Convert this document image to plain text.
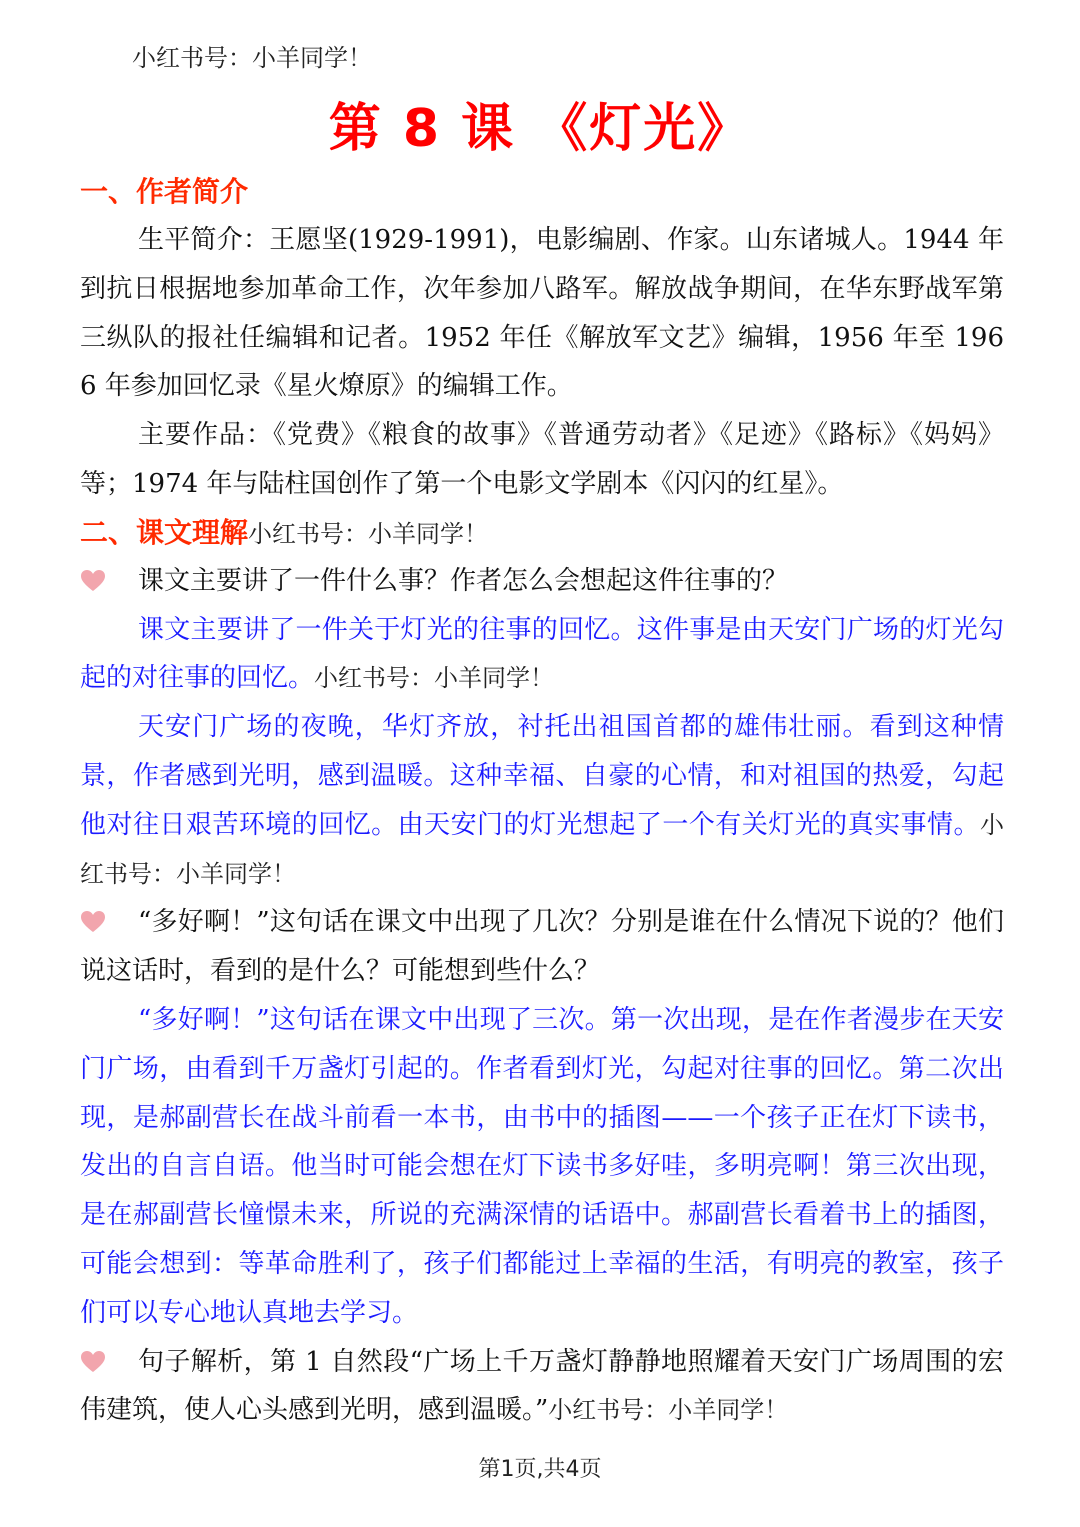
小红书号：小羊同学！
第 8 课 《灯光》
一、作者简介

生平简介：王愿坚(1929-1991)，电影编剧、作家。山东诸城人。1944 年到抗日根据地参加革命工作，次年参加八路军。解放战争期间，在华东野战军第三纵队的报社任编辑和记者。1952 年任《解放军文艺》编辑，1956 年至 1966 年参加回忆录《星火燎原》的编辑工作。

主要作品：《党费》《粮食的故事》《普通劳动者》《足迹》《路标》《妈妈》等；1974 年与陆柱国创作了第一个电影文学剧本《闪闪的红星》。

二、课文理解小红书号：小羊同学！

课文主要讲了一件什么事？作者怎么会想起这件往事的？

课文主要讲了一件关于灯光的往事的回忆。这件事是由天安门广场的灯光勾起的对往事的回忆。小红书号：小羊同学！

天安门广场的夜晚，华灯齐放，衬托出祖国首都的雄伟壮丽。看到这种情景，作者感到光明，感到温暖。这种幸福、自豪的心情，和对祖国的热爱，勾起他对往日艰苦环境的回忆。由天安门的灯光想起了一个有关灯光的真实事情。小红书号：小羊同学！

“多好啊！”这句话在课文中出现了几次？分别是谁在什么情况下说的？他们说这话时，看到的是什么？可能想到些什么？

“多好啊！”这句话在课文中出现了三次。第一次出现，是在作者漫步在天安门广场，由看到千万盏灯引起的。作者看到灯光，勾起对往事的回忆。第二次出现，是郝副营长在战斗前看一本书，由书中的插图——一个孩子正在灯下读书，发出的自言自语。他当时可能会想在灯下读书多好哇，多明亮啊！第三次出现，是在郝副营长憧憬未来，所说的充满深情的话语中。郝副营长看着书上的插图，可能会想到：等革命胜利了，孩子们都能过上幸福的生活，有明亮的教室，孩子们可以专心地认真地去学习。

句子解析，第 1 自然段“广场上千万盏灯静静地照耀着天安门广场周围的宏伟建筑，使人心头感到光明，感到温暖。”小红书号：小羊同学！

第1页,共4页
